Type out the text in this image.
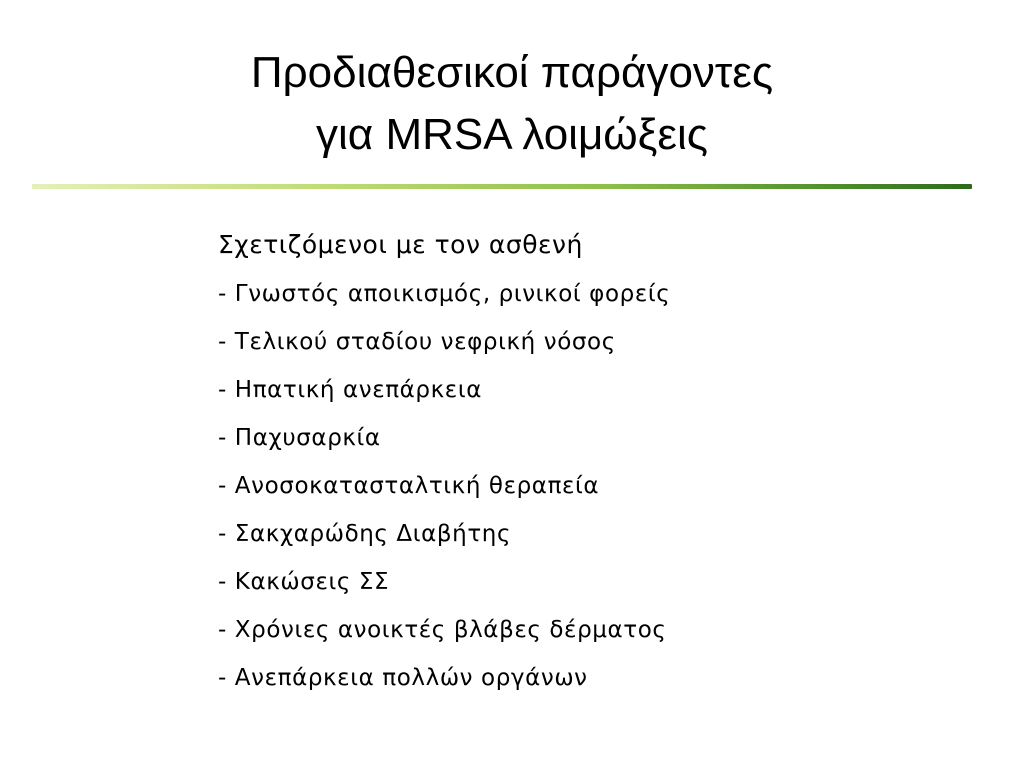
Προδιαθεσικοί παράγοντες
για MRSA λοιμώξεις
Σχετιζόμενοι με τον ασθενή
- Γνωστός αποικισμός, ρινικοί φορείς
- Τελικού σταδίου νεφρική νόσος
- Ηπατική ανεπάρκεια
- Παχυσαρκία
- Ανοσοκατασταλτική θεραπεία
- Σακχαρώδης Διαβήτης
- Κακώσεις ΣΣ
- Χρόνιες ανοικτές βλάβες δέρματος
- Ανεπάρκεια πολλών οργάνων
